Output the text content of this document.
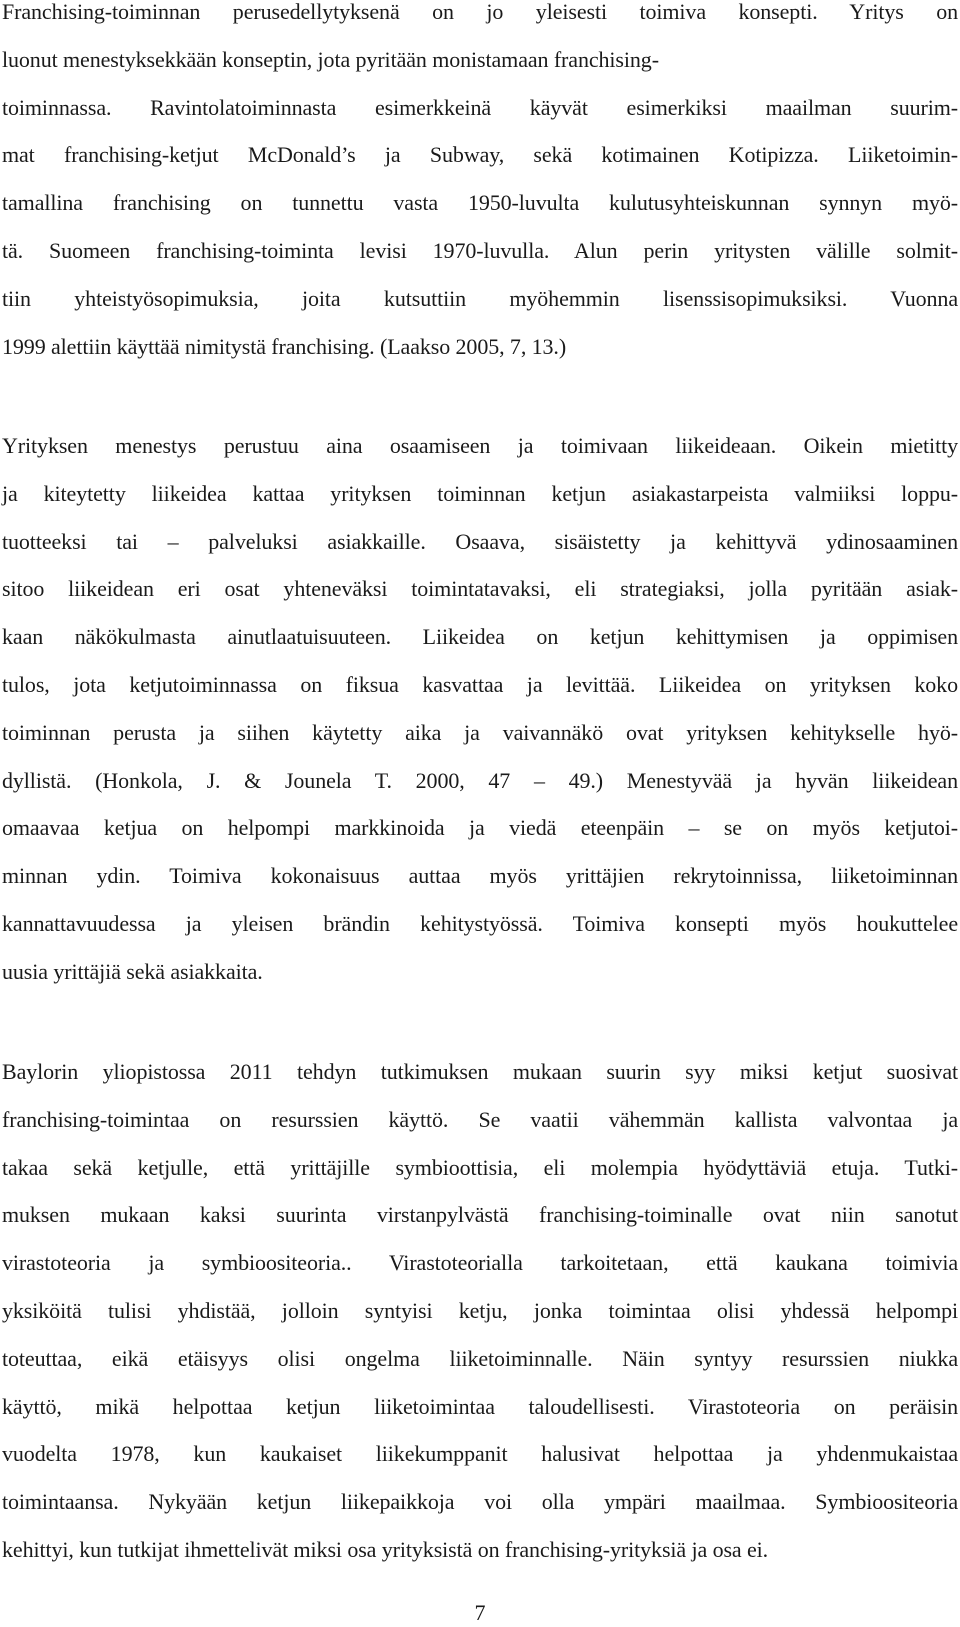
Franchising-toiminnan perusedellytyksenä on jo yleisesti toimiva konsepti. Yritys on
luonut menestyksekkään konseptin, jota pyritään monistamaan franchising-
toiminnassa. Ravintolatoiminnasta esimerkkeinä käyvät esimerkiksi maailman suurim-
mat franchising-ketjut McDonald’s ja Subway, sekä kotimainen Kotipizza. Liiketoimin-
tamallina franchising on tunnettu vasta 1950-luvulta kulutusyhteiskunnan synnyn myö-
tä. Suomeen franchising-toiminta levisi 1970-luvulla. Alun perin yritysten välille solmit-
tiin yhteistyösopimuksia, joita kutsuttiin myöhemmin lisenssisopimuksiksi. Vuonna
1999 alettiin käyttää nimitystä franchising. (Laakso 2005, 7, 13.)
Yrityksen menestys perustuu aina osaamiseen ja toimivaan liikeideaan. Oikein mietitty
ja kiteytetty liikeidea kattaa yrityksen toiminnan ketjun asiakastarpeista valmiiksi loppu-
tuotteeksi tai – palveluksi asiakkaille. Osaava, sisäistetty ja kehittyvä ydinosaaminen
sitoo liikeidean eri osat yhteneväksi toimintatavaksi, eli strategiaksi, jolla pyritään asiak-
kaan näkökulmasta ainutlaatuisuuteen. Liikeidea on ketjun kehittymisen ja oppimisen
tulos, jota ketjutoiminnassa on fiksua kasvattaa ja levittää. Liikeidea on yrityksen koko
toiminnan perusta ja siihen käytetty aika ja vaivannäkö ovat yrityksen kehitykselle hyö-
dyllistä. (Honkola, J. & Jounela T. 2000, 47 – 49.) Menestyvää ja hyvän liikeidean
omaavaa ketjua on helpompi markkinoida ja viedä eteenpäin – se on myös ketjutoi-
minnan ydin. Toimiva kokonaisuus auttaa myös yrittäjien rekrytoinnissa, liiketoiminnan
kannattavuudessa ja yleisen brändin kehitystyössä. Toimiva konsepti myös houkuttelee
uusia yrittäjiä sekä asiakkaita.
Baylorin yliopistossa 2011 tehdyn tutkimuksen mukaan suurin syy miksi ketjut suosivat
franchising-toimintaa on resurssien käyttö. Se vaatii vähemmän kallista valvontaa ja
takaa sekä ketjulle, että yrittäjille symbioottisia, eli molempia hyödyttäviä etuja. Tutki-
muksen mukaan kaksi suurinta virstanpylvästä franchising-toiminalle ovat niin sanotut
virastoteoria ja symbioositeoria.. Virastoteorialla tarkoitetaan, että kaukana toimivia
yksiköitä tulisi yhdistää, jolloin syntyisi ketju, jonka toimintaa olisi yhdessä helpompi
toteuttaa, eikä etäisyys olisi ongelma liiketoiminnalle. Näin syntyy resurssien niukka
käyttö, mikä helpottaa ketjun liiketoimintaa taloudellisesti. Virastoteoria on peräisin
vuodelta 1978, kun kaukaiset liikekumppanit halusivat helpottaa ja yhdenmukaistaa
toimintaansa. Nykyään ketjun liikepaikkoja voi olla ympäri maailmaa. Symbioositeoria
kehittyi, kun tutkijat ihmettelivät miksi osa yrityksistä on franchising-yrityksiä ja osa ei.
7
